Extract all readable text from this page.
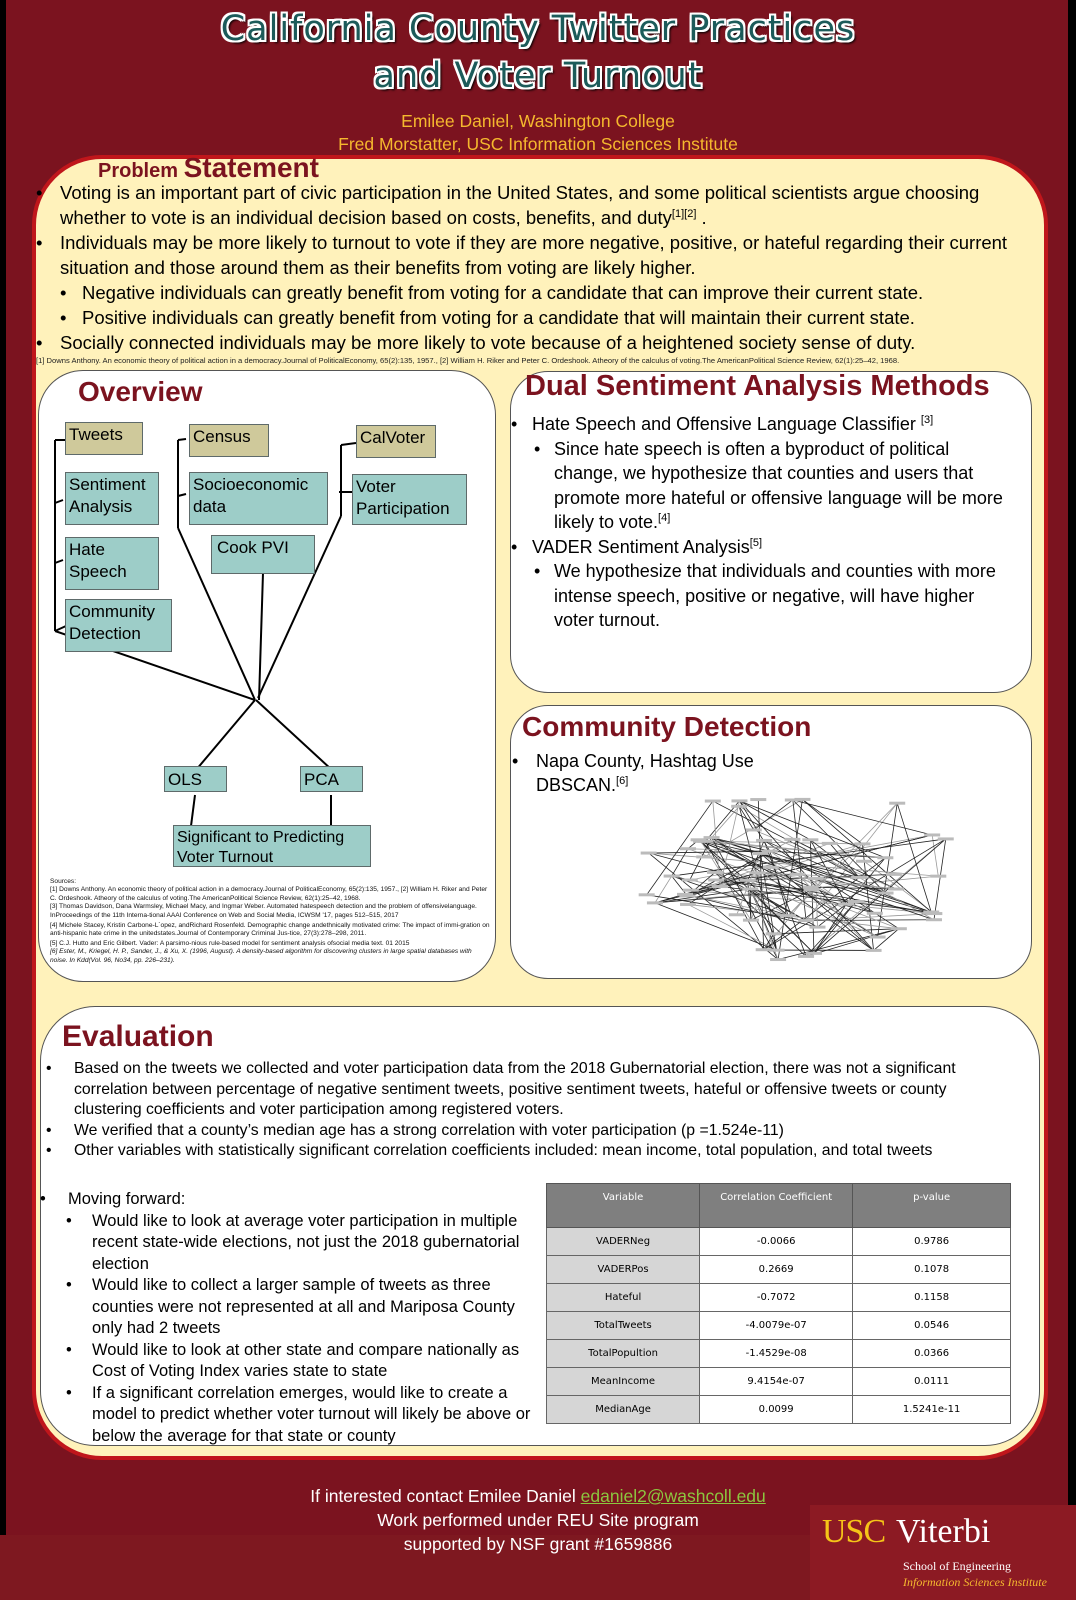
California County Twitter Practices
and Voter Turnout
Emilee Daniel, Washington College
Fred Morstatter, USC Information Sciences Institute
Problem Statement
• Voting is an important part of civic participation in the United States, and some political scientists argue choosing whether to vote is an individual decision based on costs, benefits, and duty[1][2] .
• Individuals may be more likely to turnout to vote if they are more negative, positive, or hateful regarding their current situation and those around them as their benefits from voting are likely higher.
• Negative individuals can greatly benefit from voting for a candidate that can improve their current state.
• Positive individuals can greatly benefit from voting for a candidate that will maintain their current state.
• Socially connected individuals may be more likely to vote because of a heightened society sense of duty.
[1] Downs Anthony. An economic theory of political action in a democracy.Journal of PoliticalEconomy, 65(2):135, 1957., [2] William H. Riker and Peter C. Ordeshook. Atheory of the calculus of voting.The AmericanPolitical Science Review, 62(1):25–42, 1968.
Overview
Tweets	Census	CalVoter
Sentiment Analysis
Socioeconomic data
Voter Participation
Hate Speech
Cook PVI
Community Detection
OLS	PCA
Significant to Predicting Voter Turnout
Sources:
[1] Downs Anthony. An economic theory of political action in a democracy.Journal of PoliticalEconomy, 65(2):135, 1957., [2] William H. Riker and Peter C. Ordeshook. Atheory of the calculus of voting.The AmericanPolitical Science Review, 62(1):25–42, 1968.
[3] Thomas Davidson, Dana Warmsley, Michael Macy, and Ingmar Weber. Automated hatespeech detection and the problem of offensivelanguage. InProceedings of the 11th Interna-tional AAAI Conference on Web and Social Media, ICWSM '17, pages 512–515, 2017
[4] Michele Stacey, Kristin Carbone-L´opez, andRichard Rosenfeld. Demographic change andethnically motivated crime: The impact of immi-gration on anti-hispanic hate crime in the unitedstates.Journal of Contemporary Criminal Jus-tice, 27(3):278–298, 2011.
[5] C.J. Hutto and Eric Gilbert. Vader: A parsimo-nious rule-based model for sentiment analysis ofsocial media text. 01 2015
[6] Ester, M., Kriegel, H. P., Sander, J., & Xu, X. (1996, August). A density-based algorithm for discovering clusters in large spatial databases with noise. In Kdd(Vol. 96, No34, pp. 226–231).
Dual Sentiment Analysis Methods
• Hate Speech and Offensive Language Classifier [3]
• Since hate speech is often a byproduct of political change, we hypothesize that counties and users that promote more hateful or offensive language will be more likely to vote.[4]
• VADER Sentiment Analysis[5]
• We hypothesize that individuals and counties with more intense speech, positive or negative, will have higher voter turnout.
Community Detection
• Napa County, Hashtag Use
DBSCAN.[6]
Evaluation
• Based on the tweets we collected and voter participation data from the 2018 Gubernatorial election, there was not a significant correlation between percentage of negative sentiment tweets, positive sentiment tweets, hateful or offensive tweets or county clustering coefficients and voter participation among registered voters.
• We verified that a county’s median age has a strong correlation with voter participation (p =1.524e-11)
• Other variables with statistically significant correlation coefficients included: mean income, total population, and total tweets
• Moving forward:
• Would like to look at average voter participation in multiple recent state-wide elections, not just the 2018 gubernatorial election
• Would like to collect a larger sample of tweets as three counties were not represented at all and Mariposa County only had 2 tweets
• Would like to look at other state and compare nationally as Cost of Voting Index varies state to state
• If a significant correlation emerges, would like to create a model to predict whether voter turnout will likely be above or below the average for that state or county
Variable	Correlation Coefficient	p-value
VADERNeg	-0.0066	0.9786
VADERPos	0.2669	0.1078
Hateful	-0.7072	0.1158
TotalTweets	-4.0079e-07	0.0546
TotalPopultion	-1.4529e-08	0.0366
MeanIncome	9.4154e-07	0.0111
MedianAge	0.0099	1.5241e-11
If interested contact Emilee Daniel edaniel2@washcoll.edu
Work performed under REU Site program
supported by NSF grant #1659886	USC Viterbi
School of Engineering
Information Sciences Institute
